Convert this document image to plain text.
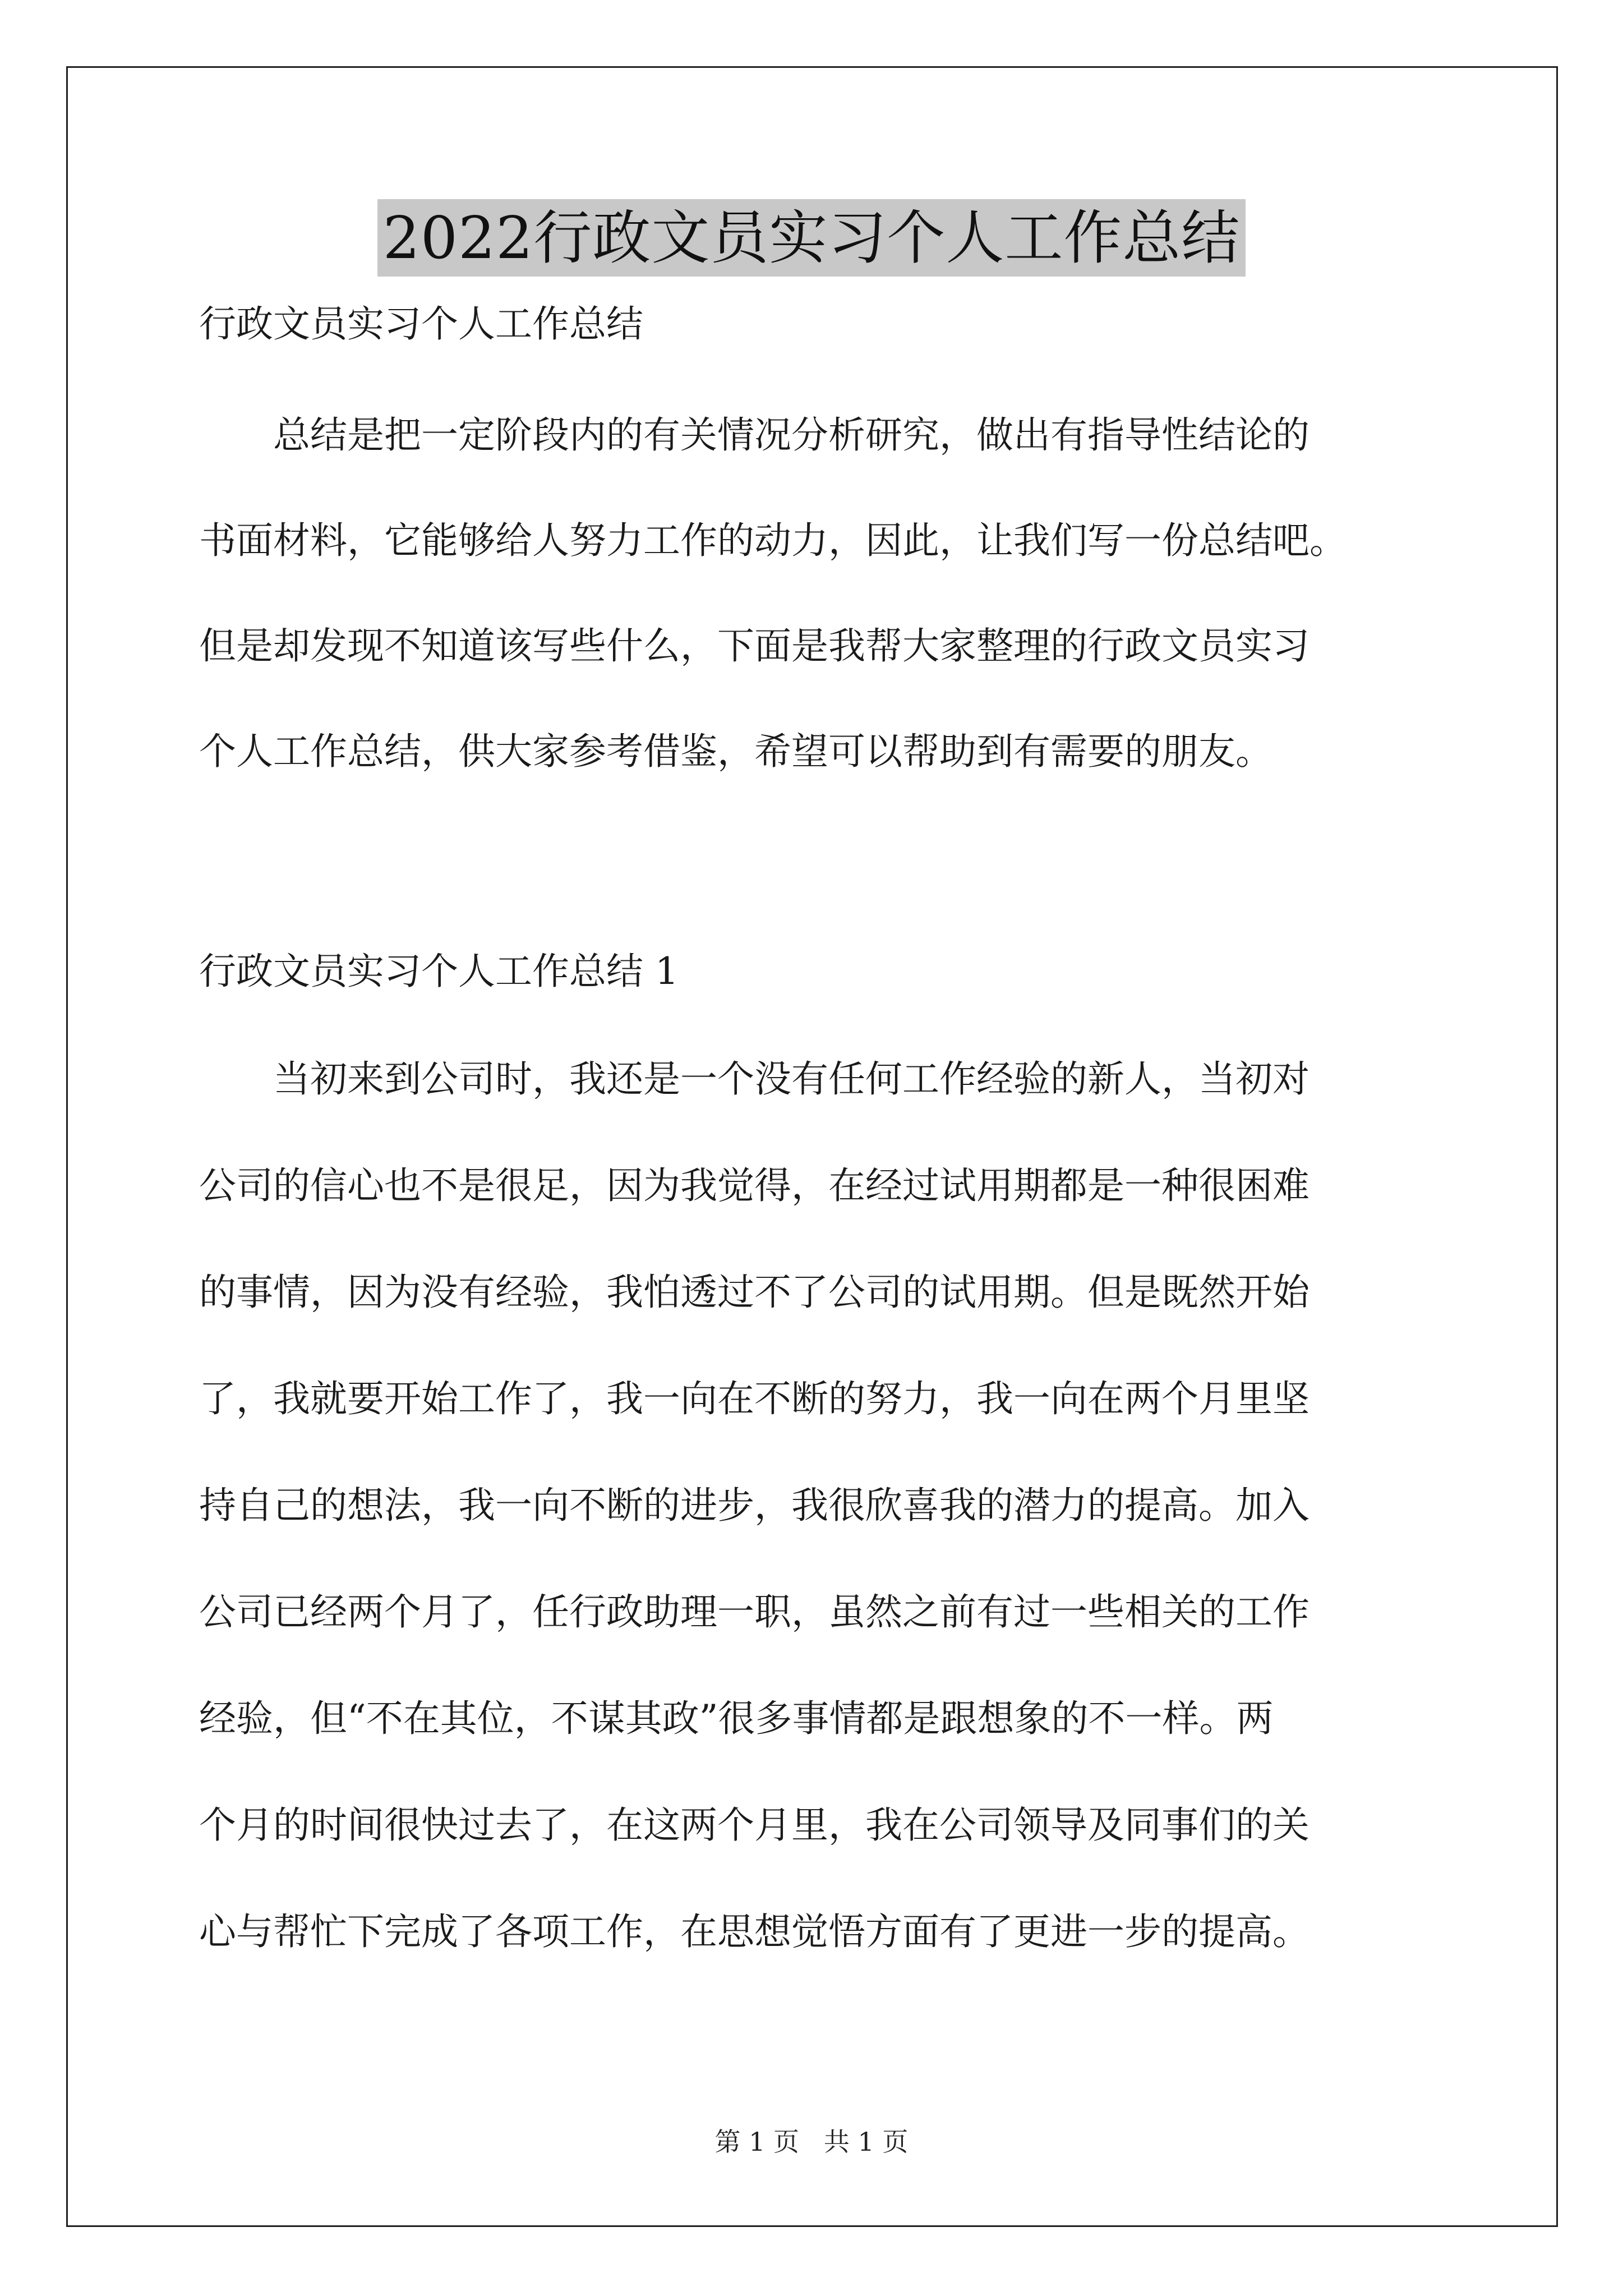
2022行政文员实习个人工作总结

行政文员实习个人工作总结

　　总结是把一定阶段内的有关情况分析研究，做出有指导性结论的

书面材料，它能够给人努力工作的动力，因此，让我们写一份总结吧。

但是却发现不知道该写些什么，下面是我帮大家整理的行政文员实习

个人工作总结，供大家参考借鉴，希望可以帮助到有需要的朋友。

行政文员实习个人工作总结 1

　　当初来到公司时，我还是一个没有任何工作经验的新人，当初对

公司的信心也不是很足，因为我觉得，在经过试用期都是一种很困难

的事情，因为没有经验，我怕透过不了公司的试用期。但是既然开始

了，我就要开始工作了，我一向在不断的努力，我一向在两个月里坚

持自己的想法，我一向不断的进步，我很欣喜我的潜力的提高。加入

公司已经两个月了，任行政助理一职，虽然之前有过一些相关的工作

经验，但“不在其位，不谋其政”很多事情都是跟想象的不一样。两

个月的时间很快过去了，在这两个月里，我在公司领导及同事们的关

心与帮忙下完成了各项工作，在思想觉悟方面有了更进一步的提高。

第 1 页   共 1 页
